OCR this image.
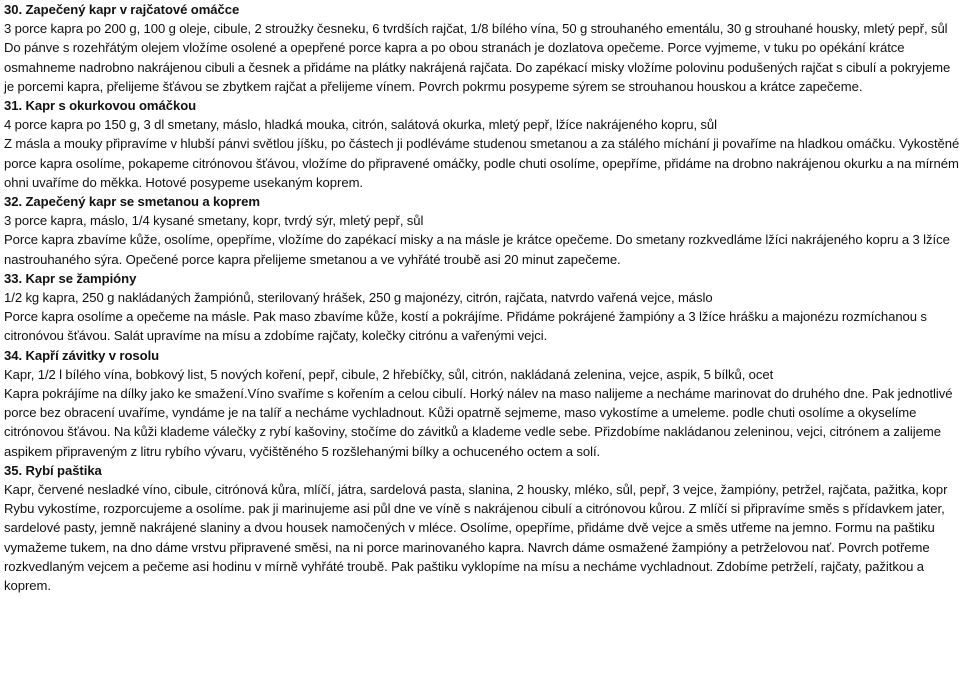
30. Zapečený kapr v rajčatové omáčce

3 porce kapra po 200 g, 100 g oleje, cibule, 2 stroužky česneku, 6 tvrdších rajčat, 1/8 bílého vína, 50 g strouhaného ementálu, 30 g strouhané housky, mletý pepř, sůl

Do pánve s rozehřátým olejem vložíme osolené a opepřené porce kapra a po obou stranách je dozlatova opečeme. Porce vyjmeme, v tuku po opékání krátce osmahneme nadrobno nakrájenou cibuli a česnek a přidáme na plátky nakrájená rajčata. Do zapékací misky vložíme polovinu podušených rajčat s cibulí a pokryjeme je porcemi kapra, přelijeme šťávou se zbytkem rajčat a přelijeme vínem. Povrch pokrmu posypeme sýrem se strouhanou houskou a krátce zapečeme.

31. Kapr s okurkovou omáčkou

4 porce kapra po 150 g, 3 dl smetany, máslo, hladká mouka, citrón, salátová okurka, mletý pepř, lžíce nakrájeného kopru, sůl

Z másla a mouky připravíme v hlubší pánvi světlou jíšku, po částech ji podléváme studenou smetanou a za stálého míchání ji povaříme na hladkou omáčku. Vykostěné porce kapra osolíme, pokapeme citrónovou šťávou, vložíme do připravené omáčky, podle chuti osolíme, opepříme, přidáme na drobno nakrájenou okurku a na mírném ohni uvaříme do měkka. Hotové posypeme usekaným koprem.

32. Zapečený kapr se smetanou a koprem

3 porce kapra, máslo, 1/4 kysané smetany, kopr, tvrdý sýr, mletý pepř, sůl

Porce kapra zbavíme kůže, osolíme, opepříme, vložíme do zapékací misky a na másle je krátce opečeme. Do smetany rozkvedláme lžíci nakrájeného kopru a 3 lžíce nastrouhaného sýra. Opečené porce kapra přelijeme smetanou a ve vyhřáté troubě asi 20 minut zapečeme.

33. Kapr se žampióny

1/2 kg kapra, 250 g nakládaných žampiónů, sterilovaný hrášek, 250 g majonézy, citrón, rajčata, natvrdo vařená vejce, máslo

Porce kapra osolíme a opečeme na másle. Pak maso zbavíme kůže, kostí a pokrájíme. Přidáme pokrájené žampióny a 3 lžíce hrášku a majonézu rozmíchanou s citronóvou šťávou. Salát upravíme na mísu a zdobíme rajčaty, kolečky citrónu a vařenými vejci.

34. Kapří závitky v rosolu

Kapr, 1/2 l bílého vína, bobkový list, 5 nových koření, pepř, cibule, 2 hřebíčky, sůl, citrón, nakládaná zelenina, vejce, aspik, 5 bílků, ocet

Kapra pokrájíme na dílky jako ke smažení.Víno svaříme s kořením a celou cibulí. Horký nálev na maso nalijeme a necháme marinovat do druhého dne. Pak jednotlivé porce bez obracení uvaříme, vyndáme je na talíř a necháme vychladnout. Kůži opatrně sejmeme, maso vykostíme a umeleme. podle chuti osolíme a okyselíme citrónovou šťávou. Na kůži klademe válečky z rybí kašoviny, stočíme do závitků a klademe vedle sebe. Přizdobíme nakládanou zeleninou, vejci, citrónem a zalijeme aspikem připraveným z litru rybího vývaru, vyčištěného 5 rozšlehanými bílky a ochuceného octem a solí.

35. Rybí paštika

Kapr, červené nesladké víno, cibule, citrónová kůra, mlíčí, játra, sardelová pasta, slanina, 2 housky, mléko, sůl, pepř, 3 vejce, žampióny, petržel, rajčata, pažitka, kopr

Rybu vykostíme, rozporcujeme a osolíme. pak ji marinujeme asi půl dne ve víně s nakrájenou cibulí a citrónovou kůrou. Z mlíčí si připravíme směs s přídavkem jater, sardelové pasty, jemně nakrájené slaniny a dvou housek namočených v mléce. Osolíme, opepříme, přidáme dvě vejce a směs utřeme na jemno. Formu na paštiku vymažeme tukem, na dno dáme vrstvu připravené směsi, na ni porce marinovaného kapra. Navrch dáme osmažené žampióny a petrželovou nať. Povrch potřeme rozkvedlaným vejcem a pečeme asi hodinu v mírně vyhřáté troubě. Pak paštiku vyklopíme na mísu a necháme vychladnout. Zdobíme petrželí, rajčaty, pažitkou a koprem.
